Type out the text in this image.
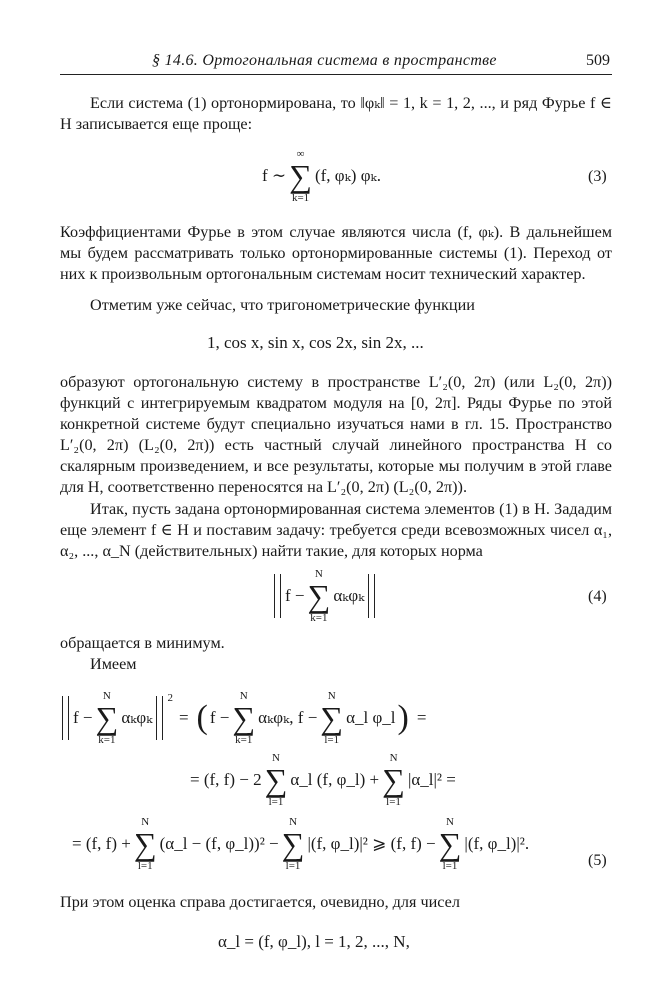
§ 14.6. Ортогональная система в пространстве	509

Если система (1) ортонормирована, то ‖φₖ‖ = 1, k = 1, 2, ..., и ряд Фурье f ∈ H записывается еще проще:

f ∼
∞
∑
k=1
(f, φₖ) φₖ.	(3)

Коэффициентами Фурье в этом случае являются числа (f, φₖ). В дальнейшем мы будем рассматривать только ортонормированные системы (1). Переход от них к произвольным ортогональным системам носит технический характер.

Отметим уже сейчас, что тригонометрические функции

1, cos x, sin x, cos 2x, sin 2x, ...

образуют ортогональную систему в пространстве L′₂(0, 2π) (или L₂(0, 2π)) функций с интегрируемым квадратом модуля на [0, 2π]. Ряды Фурье по этой конкретной системе будут специально изучаться нами в гл. 15. Пространство L′₂(0, 2π) (L₂(0, 2π)) есть частный случай линейного пространства H со скалярным произведением, и все результаты, которые мы получим в этой главе для H, соответственно переносятся на L′₂(0, 2π) (L₂(0, 2π)).

Итак, пусть задана ортонормированная система элементов (1) в H. Зададим еще элемент f ∈ H и поставим задачу: требуется среди всевозможных чисел α₁, α₂, ..., α_N (действительных) найти такие, для которых норма

f −
N
∑
k=1
αₖφₖ	(4)

обращается в минимум.

Имеем

f −
N
∑
k=1
αₖφₖ
$^2$
= ( f −
N
∑
k=1
αₖφₖ, f −
N
∑
l=1
α_l φ_l ) =
= (f, f) − 2
N
∑
l=1
α_l (f, φ_l) +
N
∑
l=1
|α_l|² =
= (f, f) +
N
∑
l=1
(α_l − (f, φ_l))² −
N
∑
l=1
|(f, φ_l)|² ⩾ (f, f) −
N
∑
l=1
|(f, φ_l)|².
(5)

При этом оценка справа достигается, очевидно, для чисел

α_l = (f, φ_l), l = 1, 2, ..., N,
